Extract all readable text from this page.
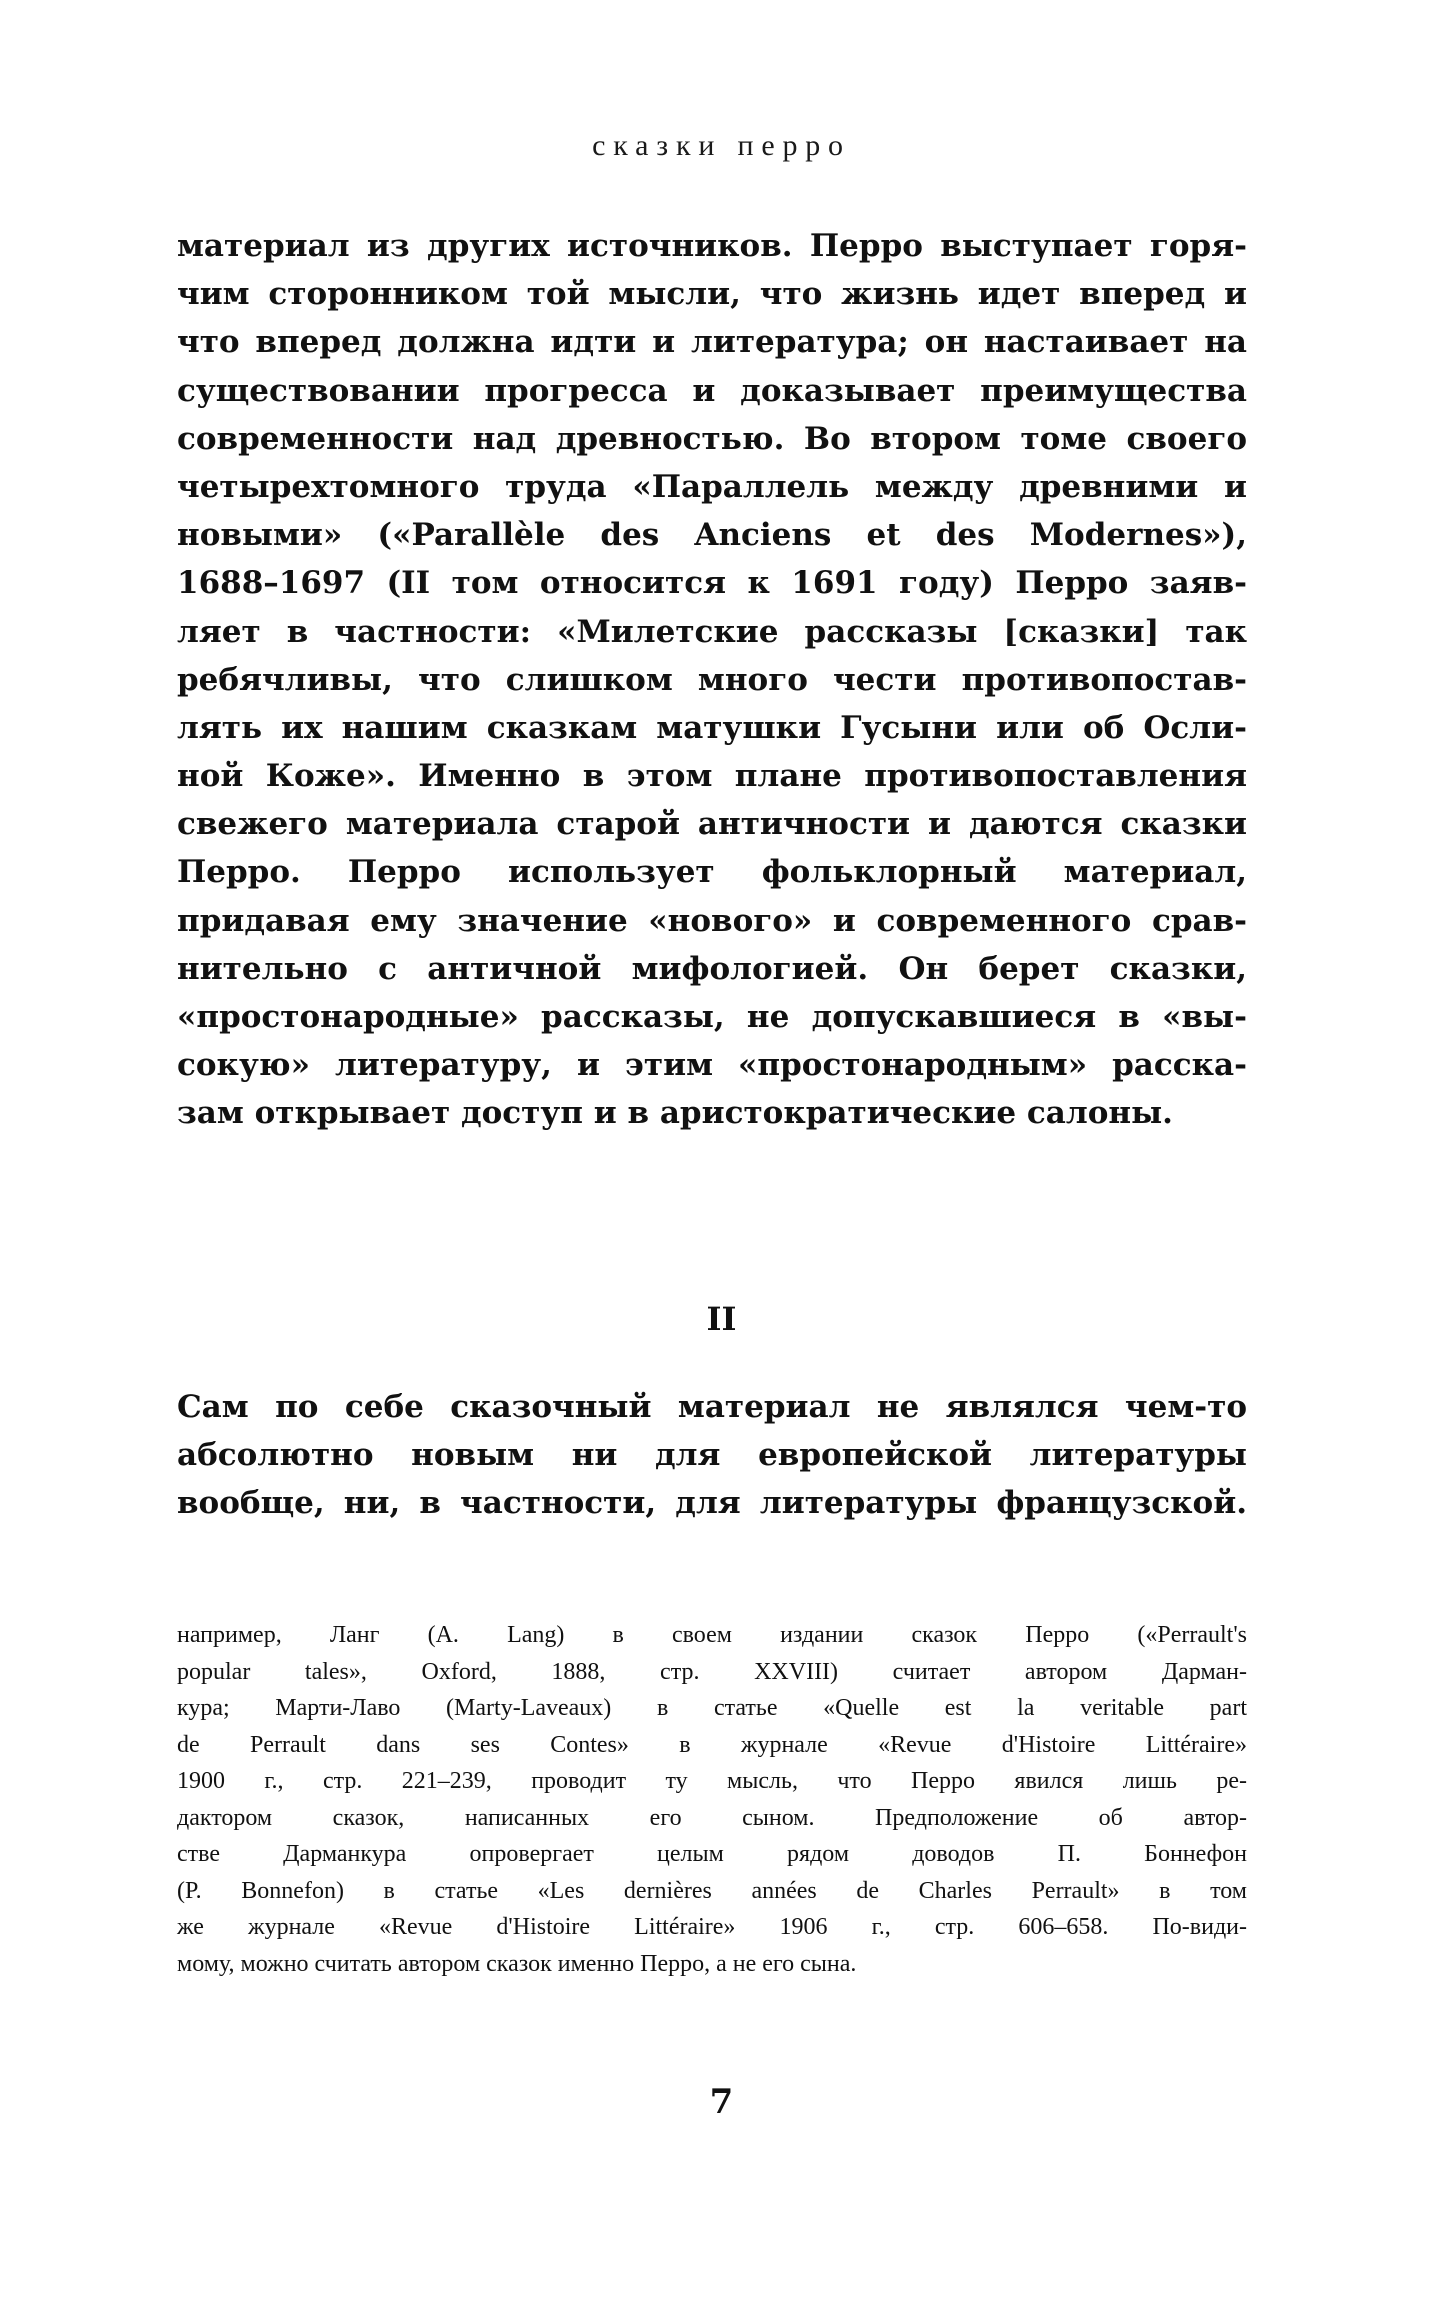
сказки перро
материал из других источников. Перро выступает горя-
чим сторонником той мысли, что жизнь идет вперед и
что вперед должна идти и литература; он настаивает на
существовании прогресса и доказывает преимущества
современности над древностью. Во втором томе своего
четырехтомного труда «Параллель между древними и
новыми» («Parallèle des Anciens et des Modernes»),
1688–1697 (II том относится к 1691 году) Перро заяв-
ляет в частности: «Милетские рассказы [сказки] так
ребячливы, что слишком много чести противопостав-
лять их нашим сказкам матушки Гусыни или об Осли-
ной Коже». Именно в этом плане противопоставления
свежего материала старой античности и даются сказки
Перро. Перро использует фольклорный материал,
придавая ему значение «нового» и современного срав-
нительно с античной мифологией. Он берет сказки,
«простонародные» рассказы, не допускавшиеся в «вы-
сокую» литературу, и этим «простонародным» расска-
зам открывает доступ и в аристократические салоны.
II
Сам по себе сказочный материал не являлся чем-то
абсолютно новым ни для европейской литературы
вообще, ни, в частности, для литературы французской.
например, Ланг (A. Lang) в своем издании сказок Перро («Perrault's
popular tales», Oxford, 1888, стр. XXVIII) считает автором Дарман-
кура; Марти-Лаво (Marty-Laveaux) в статье «Quelle est la veritable part
de Perrault dans ses Contes» в журнале «Revue d'Histoire Littéraire»
1900 г., стр. 221–239, проводит ту мысль, что Перро явился лишь ре-
дактором сказок, написанных его сыном. Предположение об автор-
стве Дарманкура опровергает целым рядом доводов П. Боннефон
(P. Bonnefon) в статье «Les dernières années de Charles Perrault» в том
же журнале «Revue d'Histoire Littéraire» 1906 г., стр. 606–658. По-види-
мому, можно считать автором сказок именно Перро, а не его сына.
7
